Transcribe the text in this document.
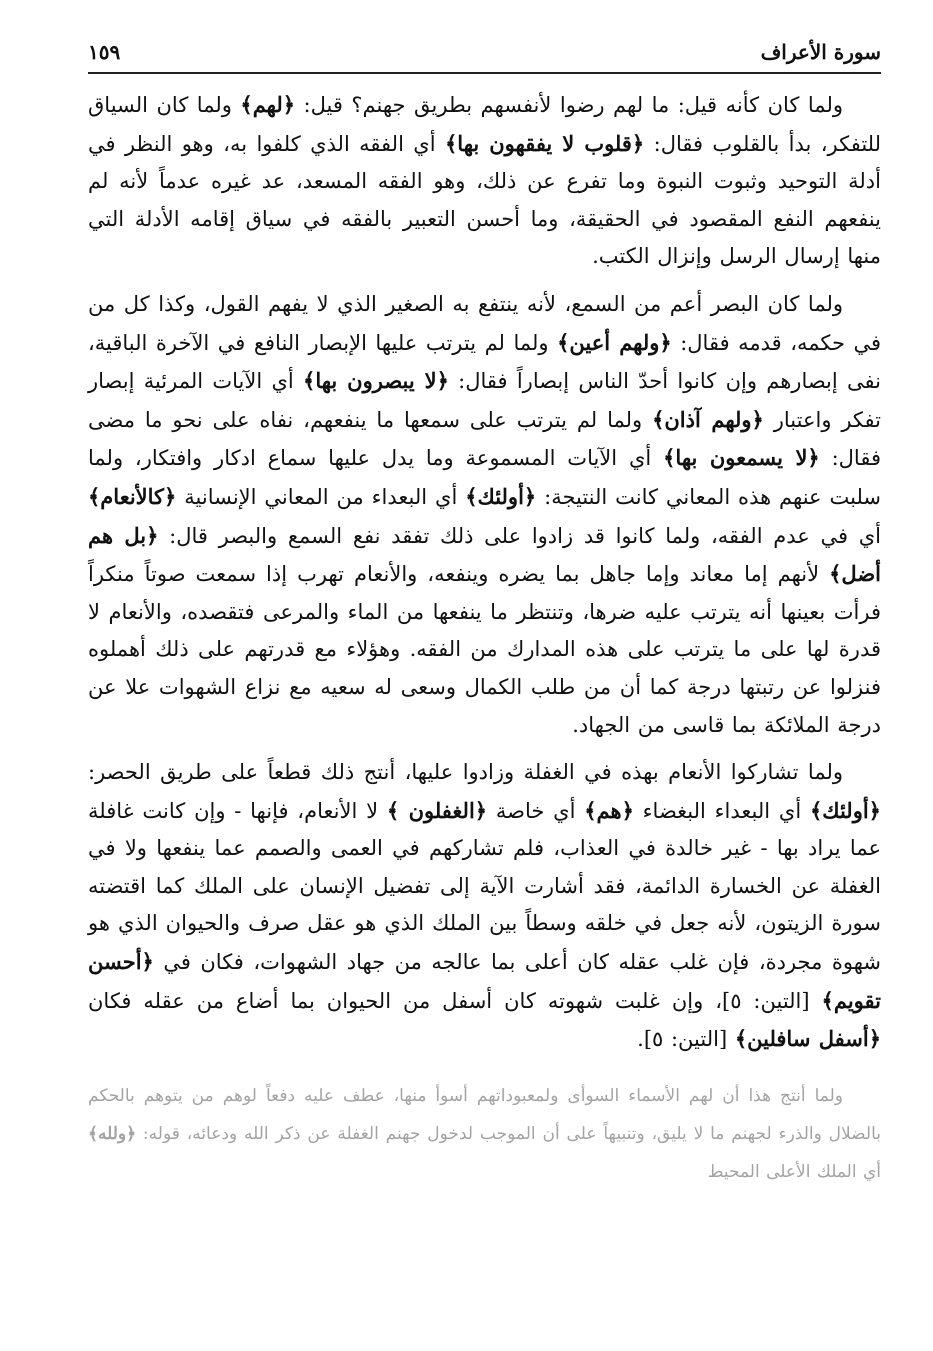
سورة الأعراف
١٥٩

ولما كان كأنه قيل: ما لهم رضوا لأنفسهم بطريق جهنم؟ قيل: ﴿لهم﴾ ولما كان السياق للتفكر، بدأ بالقلوب فقال: ﴿قلوب لا يفقهون بها﴾ أي الفقه الذي كلفوا به، وهو النظر في أدلة التوحيد وثبوت النبوة وما تفرع عن ذلك، وهو الفقه المسعد، عد غيره عدماً لأنه لم ينفعهم النفع المقصود في الحقيقة، وما أحسن التعبير بالفقه في سياق إقامه الأدلة التي منها إرسال الرسل وإنزال الكتب.

ولما كان البصر أعم من السمع، لأنه ينتفع به الصغير الذي لا يفهم القول، وكذا كل من في حكمه، قدمه فقال: ﴿ولهم أعين﴾ ولما لم يترتب عليها الإبصار النافع في الآخرة الباقية، نفى إبصارهم وإن كانوا أحدّ الناس إبصاراً فقال: ﴿لا يبصرون بها﴾ أي الآيات المرئية إبصار تفكر واعتبار ﴿ولهم آذان﴾ ولما لم يترتب على سمعها ما ينفعهم، نفاه على نحو ما مضى فقال: ﴿لا يسمعون بها﴾ أي الآيات المسموعة وما يدل عليها سماع ادكار وافتكار، ولما سلبت عنهم هذه المعاني كانت النتيجة: ﴿أولئك﴾ أي البعداء من المعاني الإنسانية ﴿كالأنعام﴾ أي في عدم الفقه، ولما كانوا قد زادوا على ذلك تفقد نفع السمع والبصر قال: ﴿بل هم أضل﴾ لأنهم إما معاند وإما جاهل بما يضره وينفعه، والأنعام تهرب إذا سمعت صوتاً منكراً فرأت بعينها أنه يترتب عليه ضرها، وتنتظر ما ينفعها من الماء والمرعى فتقصده، والأنعام لا قدرة لها على ما يترتب على هذه المدارك من الفقه. وهؤلاء مع قدرتهم على ذلك أهملوه فنزلوا عن رتبتها درجة كما أن من طلب الكمال وسعى له سعيه مع نزاع الشهوات علا عن درجة الملائكة بما قاسى من الجهاد.

ولما تشاركوا الأنعام بهذه في الغفلة وزادوا عليها، أنتج ذلك قطعاً على طريق الحصر: ﴿أولئك﴾ أي البعداء البغضاء ﴿هم﴾ أي خاصة ﴿الغفلون ﴾ لا الأنعام، فإنها - وإن كانت غافلة عما يراد بها - غير خالدة في العذاب، فلم تشاركهم في العمى والصمم عما ينفعها ولا في الغفلة عن الخسارة الدائمة، فقد أشارت الآية إلى تفضيل الإنسان على الملك كما اقتضته سورة الزيتون، لأنه جعل في خلقه وسطاً بين الملك الذي هو عقل صرف والحيوان الذي هو شهوة مجردة، فإن غلب عقله كان أعلى بما عالجه من جهاد الشهوات، فكان في ﴿أحسن تقويم﴾ [التين: ٥]، وإن غلبت شهوته كان أسفل من الحيوان بما أضاع من عقله فكان ﴿أسفل سافلين﴾ [التين: ٥].

ولما أنتج هذا أن لهم الأسماء السوأى ولمعبوداتهم أسوأ منها، عطف عليه دفعاً لوهم من يتوهم بالحكم بالضلال والذرء لجهنم ما لا يليق، وتنبيهاً على أن الموجب لدخول جهنم الغفلة عن ذكر الله ودعائه، قوله: ﴿ولله﴾ أي الملك الأعلى المحيط
